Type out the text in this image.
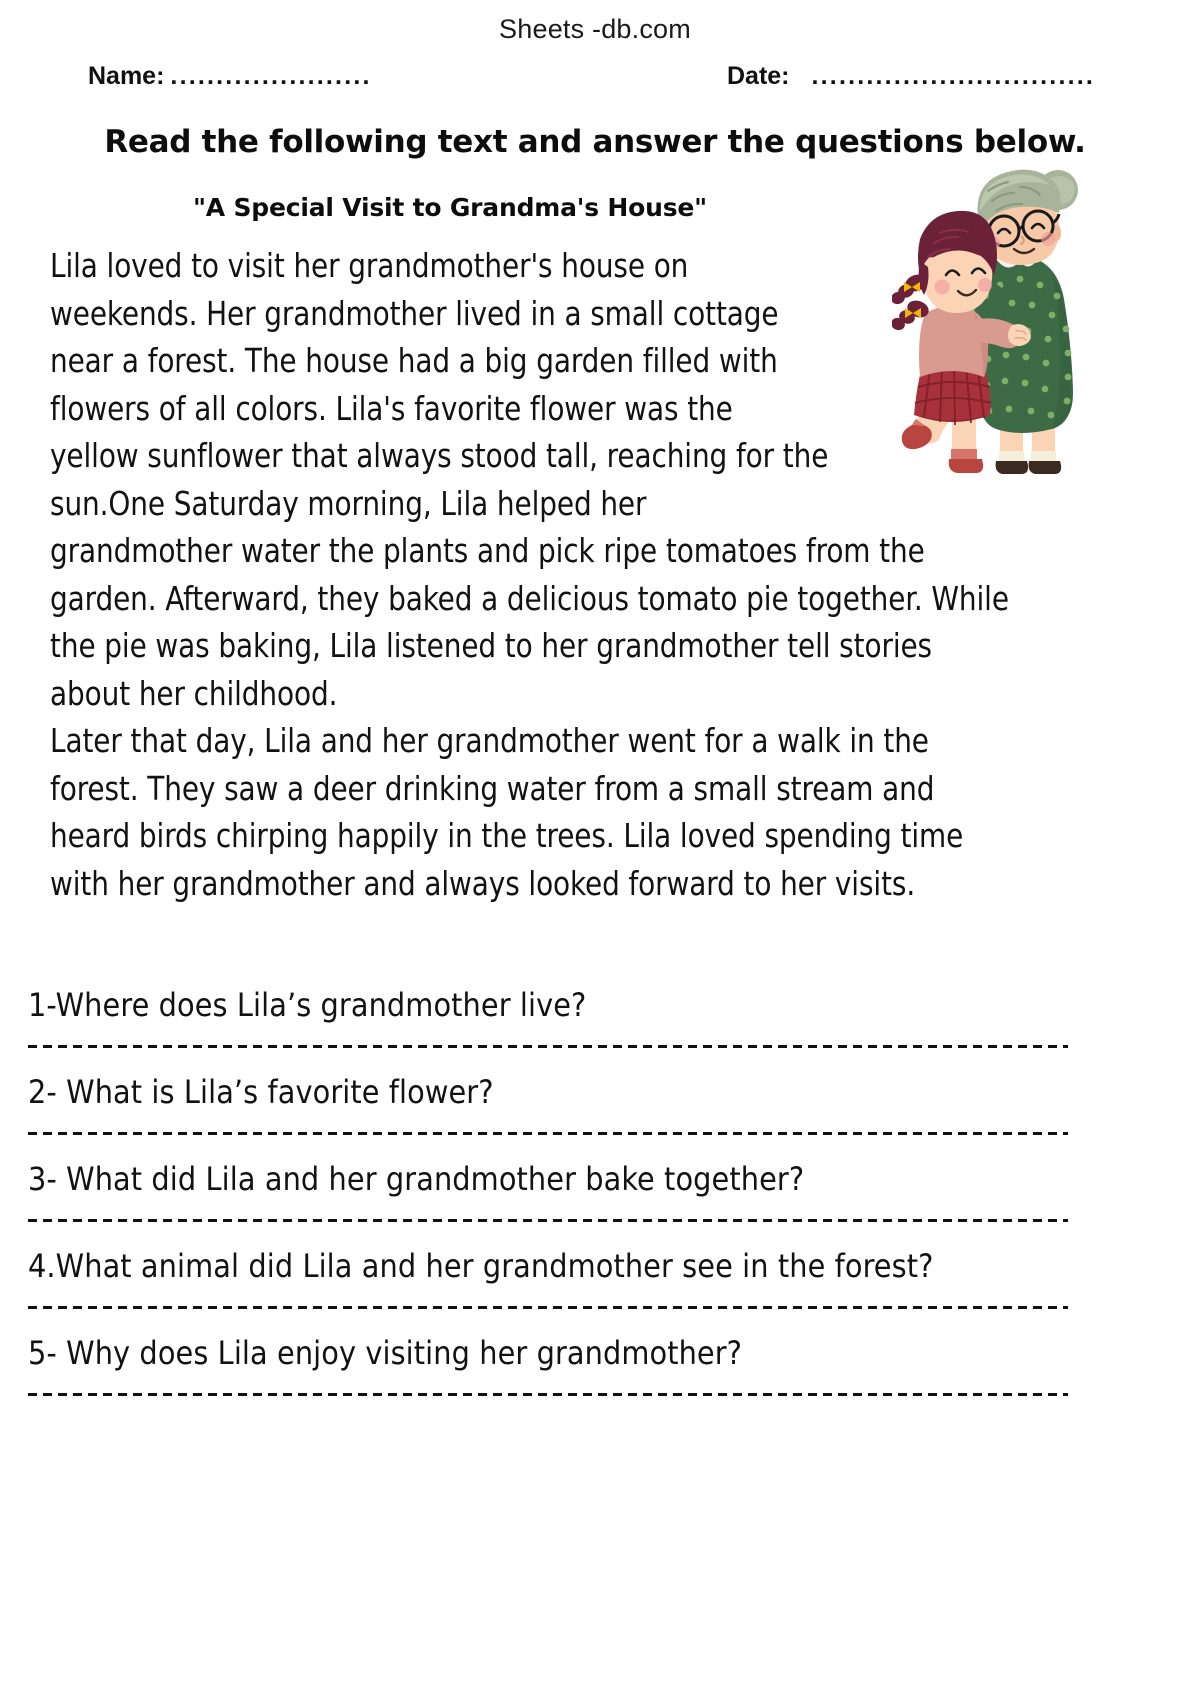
Sheets -db.com
Name: ......................	Date: ...............................
Read the following text and answer the questions below.
"A Special Visit to Grandma's House"

Lila loved to visit her grandmother's house on weekends. Her grandmother lived in a small cottage near a forest. The house had a big garden filled with flowers of all colors. Lila's favorite flower was the yellow sunflower that always stood tall, reaching for the sun.One Saturday morning, Lila helped her grandmother water the plants and pick ripe tomatoes from the garden. Afterward, they baked a delicious tomato pie together. While the pie was baking, Lila listened to her grandmother tell stories about her childhood.

Later that day, Lila and her grandmother went for a walk in the forest. They saw a deer drinking water from a small stream and heard birds chirping happily in the trees. Lila loved spending time with her grandmother and always looked forward to her visits.

1-Where does Lila’s grandmother live?
2- What is Lila’s favorite flower?
3- What did Lila and her grandmother bake together?
4.What animal did Lila and her grandmother see in the forest?
5- Why does Lila enjoy visiting her grandmother?
